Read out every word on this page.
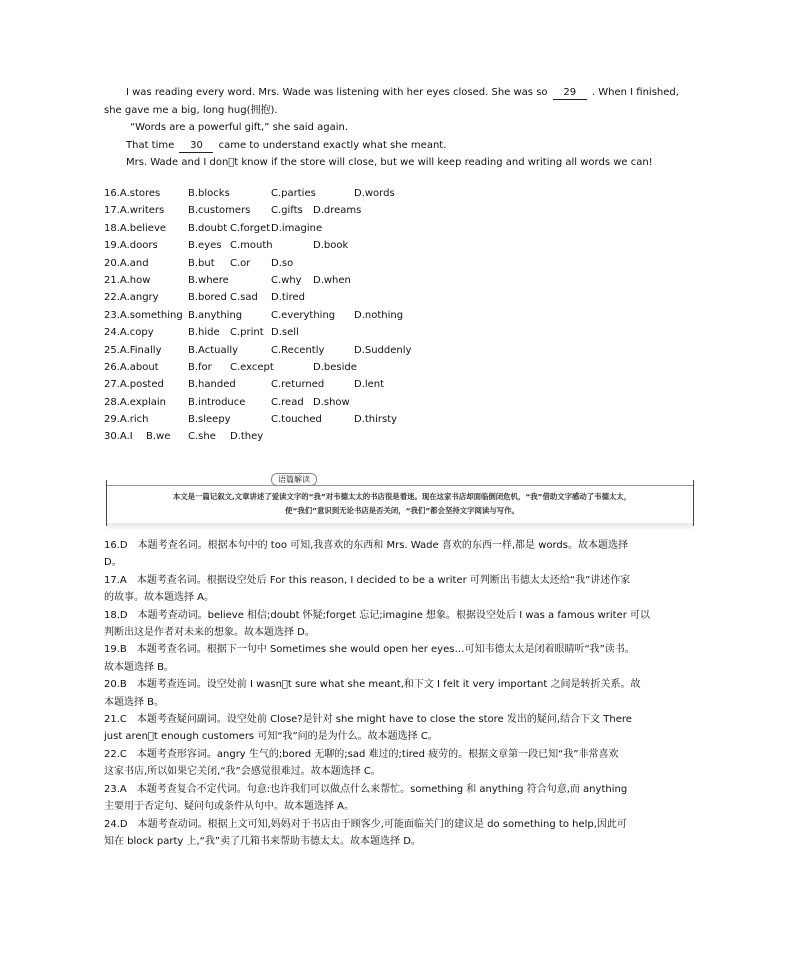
I was reading every word. Mrs. Wade was listening with her eyes closed. She was so 29 . When I finished,
she gave me a big, long hug(拥抱).
“Words are a powerful gift,” she said again.
That time 30 came to understand exactly what she meant.
Mrs. Wade and I don t know if the store will close, but we will keep reading and writing all words we can!
16.A.stores	B.blocks	C.parties	D.words
17.A.writers B.customers C.gifts D.dreams
18.A.believe B.doubt C.forget D.imagine
19.A.doors	B.eyes C.mouth	D.book
20.A.and	B.but C.or D.so
21.A.how	B.where	C.why D.when
22.A.angry	B.bored C.sad D.tired
23.A.something B.anything	C.everything D.nothing
24.A.copy	B.hide C.print D.sell
25.A.Finally	B.Actually	C.Recently	D.Suddenly
26.A.about	B.for C.except	D.beside
27.A.posted B.handed	C.returned	D.lent
28.A.explain B.introduce	C.read D.show
29.A.rich	B.sleepy	C.touched	D.thirsty
30.A.I B.we C.she D.they
语篇解读
本文是一篇记叙文,文章讲述了爱读文字的“我”对韦德太太的书店很是着迷。现在这家书店却面临倒闭危机，“我”借助文字感动了韦德太太，
使“我们”意识到无论书店是否关闭，“我们”都会坚持文字阅读与写作。
16.D　本题考查名词。根据本句中的 too 可知,我喜欢的东西和 Mrs. Wade 喜欢的东西一样,都是 words。故本题选择
D。
17.A　本题考查名词。根据设空处后 For this reason, I decided to be a writer 可判断出韦德太太还给“我”讲述作家
的故事。故本题选择 A。
18.D　本题考查动词。believe 相信;doubt 怀疑;forget 忘记;imagine 想象。根据设空处后 I was a famous writer 可以
判断出这是作者对未来的想象。故本题选择 D。
19.B　本题考查名词。根据下一句中 Sometimes she would open her eyes…可知韦德太太是闭着眼睛听“我”读书。
故本题选择 B。
20.B　本题考查连词。设空处前 I wasn t sure what she meant,和下文 I felt it very important 之间是转折关系。故
本题选择 B。
21.C　本题考查疑问副词。设空处前 Close?是针对 she might have to close the store 发出的疑问,结合下文 There
just aren t enough customers 可知“我”问的是为什么。故本题选择 C。
22.C　本题考查形容词。angry 生气的;bored 无聊的;sad 难过的;tired 疲劳的。根据文章第一段已知“我”非常喜欢
这家书店,所以如果它关闭,“我”会感觉很难过。故本题选择 C。
23.A　本题考查复合不定代词。句意:也许我们可以做点什么来帮忙。something 和 anything 符合句意,而 anything
主要用于否定句、疑问句或条件从句中。故本题选择 A。
24.D　本题考查动词。根据上文可知,妈妈对于书店由于顾客少,可能面临关门的建议是 do something to help,因此可
知在 block party 上,“我”卖了几箱书来帮助韦德太太。故本题选择 D。
